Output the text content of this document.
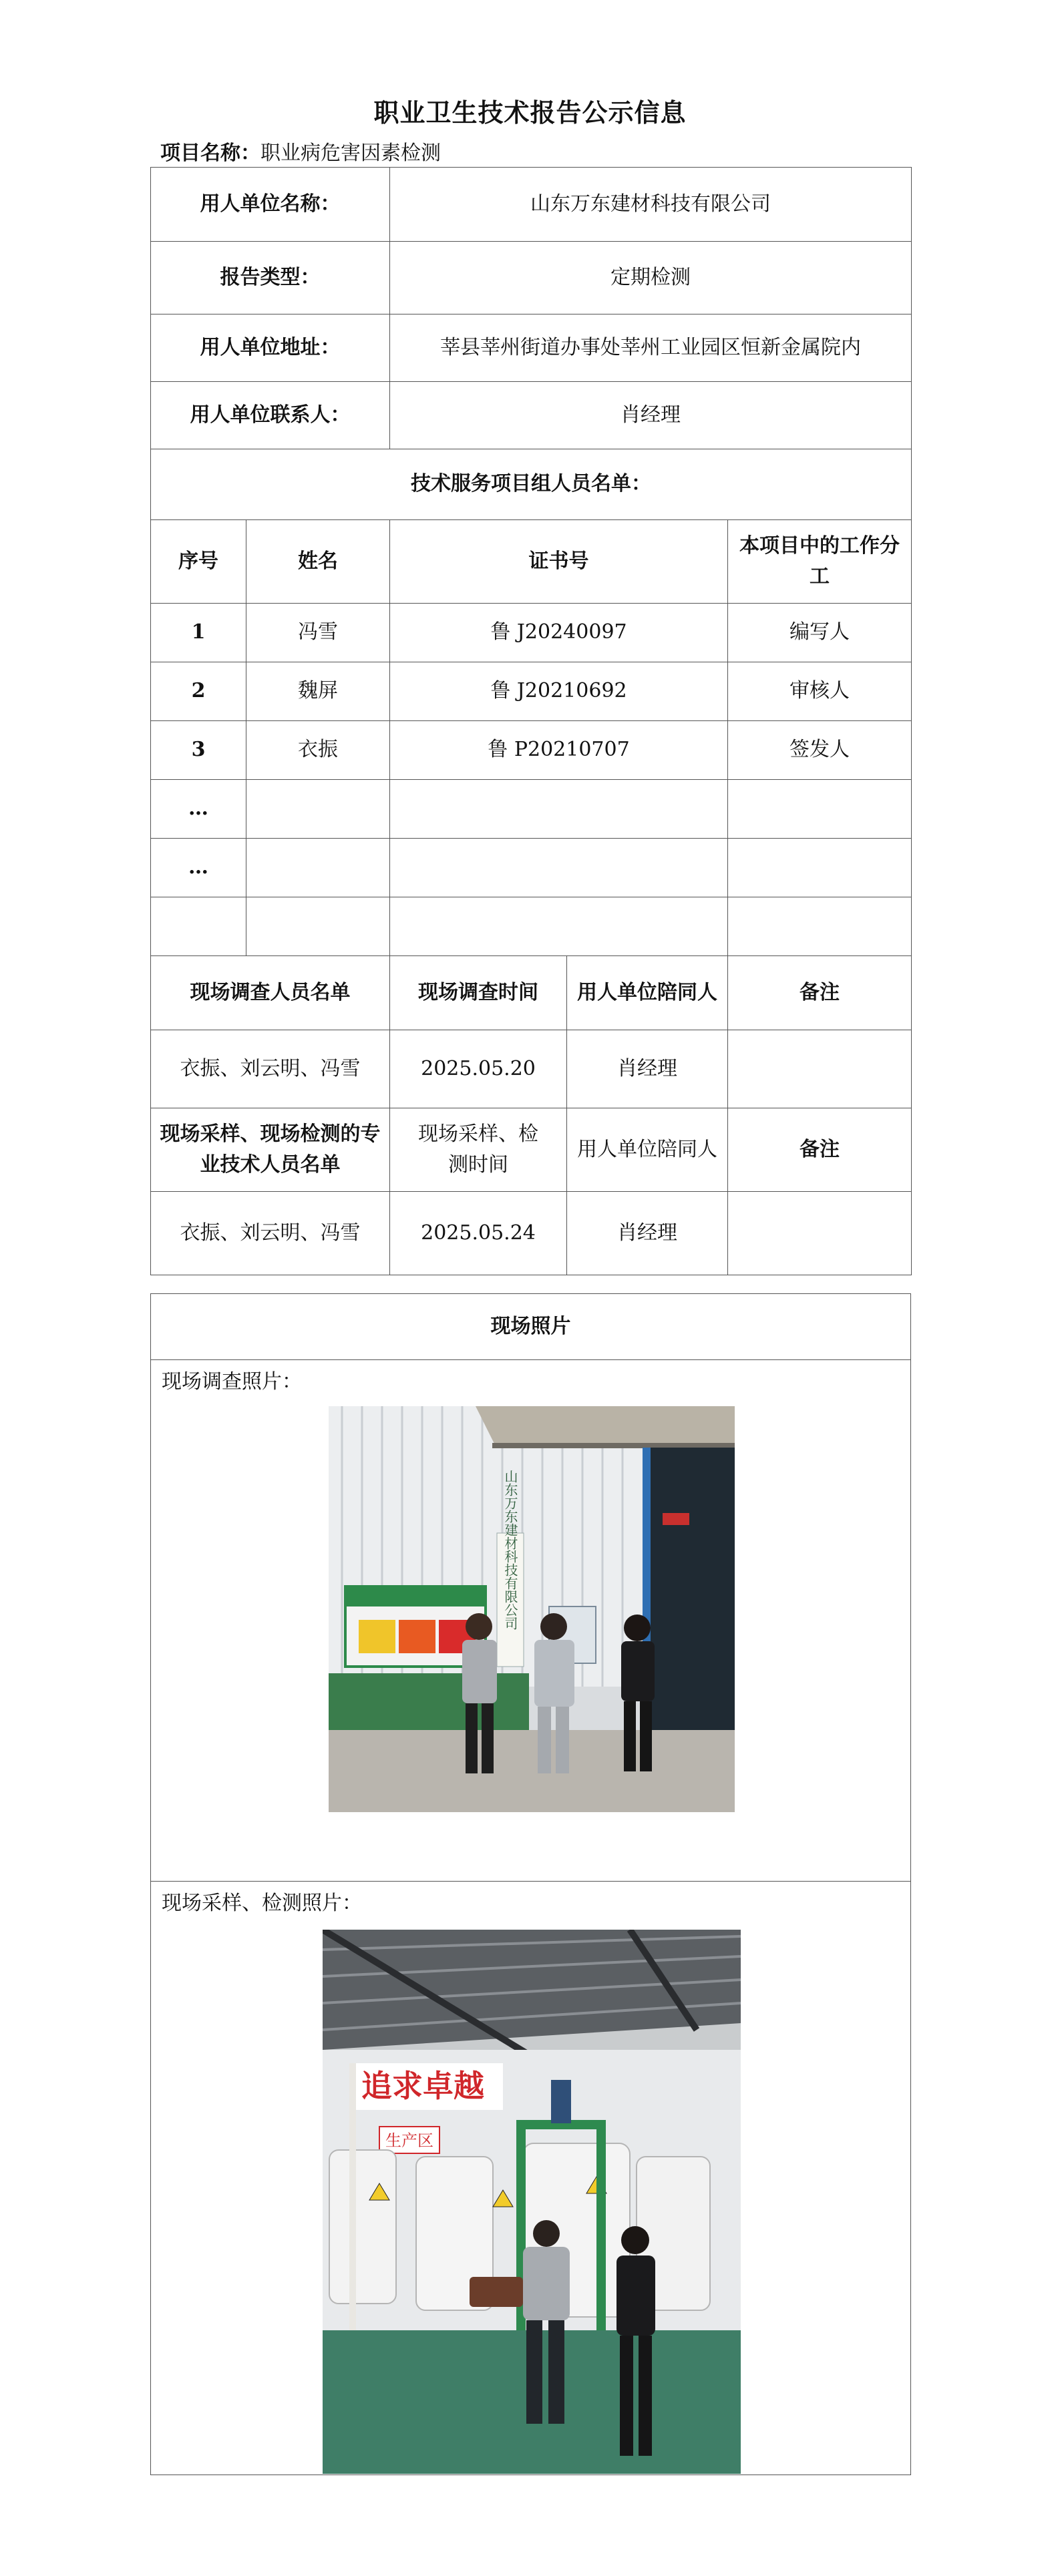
职业卫生技术报告公示信息
项目名称：职业病危害因素检测
用人单位名称：		山东万东建材科技有限公司		
报告类型：		定期检测		
用人单位地址：		莘县莘州街道办事处莘州工业园区恒新金属院内		
用人单位联系人：		肖经理		
技术服务项目组人员名单：				
序号	姓名	证书号		本项目中的工作分工
1	冯雪	鲁 J20240097		编写人
2	魏屏	鲁 J20210692		审核人
3	衣振	鲁 P20210707		签发人
…				
…				

现场调查人员名单		现场调查时间	用人单位陪同人	备注
衣振、刘云明、冯雪		2025.05.20	肖经理	
现场采样、现场检测的专业技术人员名单		现场采样、检测时间	用人单位陪同人	备注
衣振、刘云明、冯雪		2025.05.24	肖经理	
现场照片

现场调查照片：
山东万东建材科技有限公司

现场采样、检测照片：
追求卓越
生产区
